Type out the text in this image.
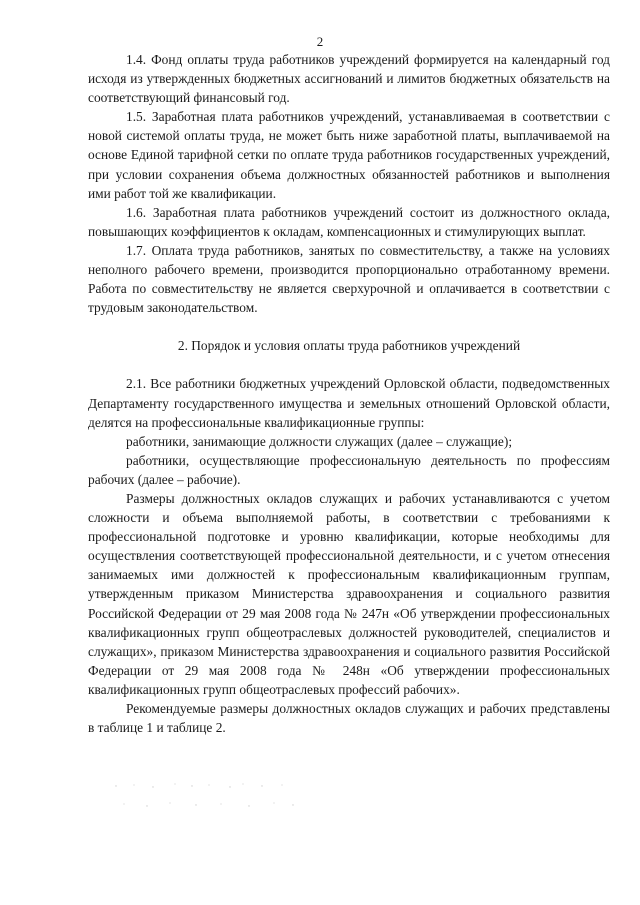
2

1.4. Фонд оплаты труда работников учреждений формируется на календарный год исходя из утвержденных бюджетных ассигнований и лимитов бюджетных обязательств на соответствующий финансовый год.

1.5. Заработная плата работников учреждений, устанавливаемая в соответствии с новой системой оплаты труда, не может быть ниже заработной платы, выплачиваемой на основе Единой тарифной сетки по оплате труда работников государственных учреждений, при условии сохранения объема должностных обязанностей работников и выполнения ими работ той же квалификации.

1.6. Заработная плата работников учреждений состоит из должностного оклада, повышающих коэффициентов к окладам, компенсационных и стимулирующих выплат.

1.7. Оплата труда работников, занятых по совместительству, а также на условиях неполного рабочего времени, производится пропорционально отработанному времени. Работа по совместительству не является сверхурочной и оплачивается в соответствии с трудовым законодательством.

2. Порядок и условия оплаты труда работников учреждений

2.1. Все работники бюджетных учреждений Орловской области, подведомственных Департаменту государственного имущества и земельных отношений Орловской области, делятся на профессиональные квалификационные группы:

работники, занимающие должности служащих (далее – служащие);

работники, осуществляющие профессиональную деятельность по профессиям рабочих (далее – рабочие).

Размеры должностных окладов служащих и рабочих устанавливаются с учетом сложности и объема выполняемой работы, в соответствии с требованиями к профессиональной подготовке и уровню квалификации, которые необходимы для осуществления соответствующей профессиональной деятельности, и с учетом отнесения занимаемых ими должностей к профессиональным квалификационным группам, утвержденным приказом Министерства здравоохранения и социального развития Российской Федерации от 29 мая 2008 года № 247н «Об утверждении профессиональных квалификационных групп общеотраслевых должностей руководителей, специалистов и служащих», приказом Министерства здравоохранения и социального развития Российской Федерации от 29 мая 2008 года № 248н «Об утверждении профессиональных квалификационных групп общеотраслевых профессий рабочих».

Рекомендуемые размеры должностных окладов служащих и рабочих представлены в таблице 1 и таблице 2.
